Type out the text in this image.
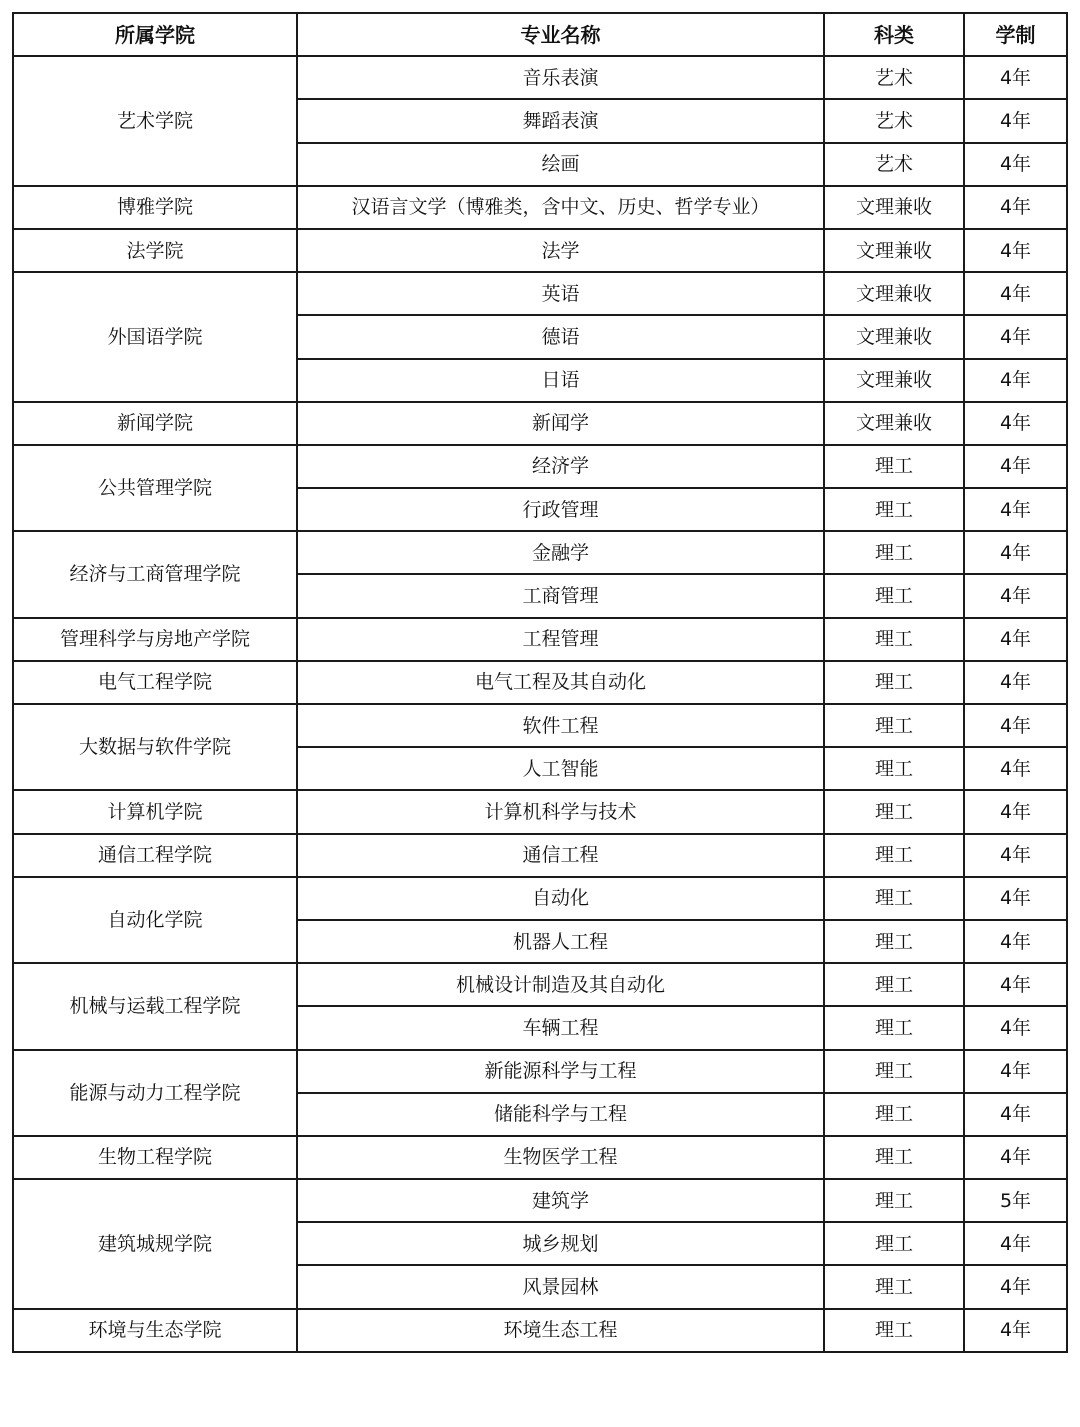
所属学院	专业名称	科类	学制
艺术学院	音乐表演	艺术	4年
	舞蹈表演	艺术	4年
	绘画	艺术	4年
博雅学院	汉语言文学（博雅类，含中文、历史、哲学专业）	文理兼收	4年
法学院	法学	文理兼收	4年
外国语学院	英语	文理兼收	4年
	德语	文理兼收	4年
	日语	文理兼收	4年
新闻学院	新闻学	文理兼收	4年
公共管理学院	经济学	理工	4年
	行政管理	理工	4年
经济与工商管理学院	金融学	理工	4年
	工商管理	理工	4年
管理科学与房地产学院	工程管理	理工	4年
电气工程学院	电气工程及其自动化	理工	4年
大数据与软件学院	软件工程	理工	4年
	人工智能	理工	4年
计算机学院	计算机科学与技术	理工	4年
通信工程学院	通信工程	理工	4年
自动化学院	自动化	理工	4年
	机器人工程	理工	4年
机械与运载工程学院	机械设计制造及其自动化	理工	4年
	车辆工程	理工	4年
能源与动力工程学院	新能源科学与工程	理工	4年
	储能科学与工程	理工	4年
生物工程学院	生物医学工程	理工	4年
建筑城规学院	建筑学	理工	5年
	城乡规划	理工	4年
	风景园林	理工	4年
环境与生态学院	环境生态工程	理工	4年
